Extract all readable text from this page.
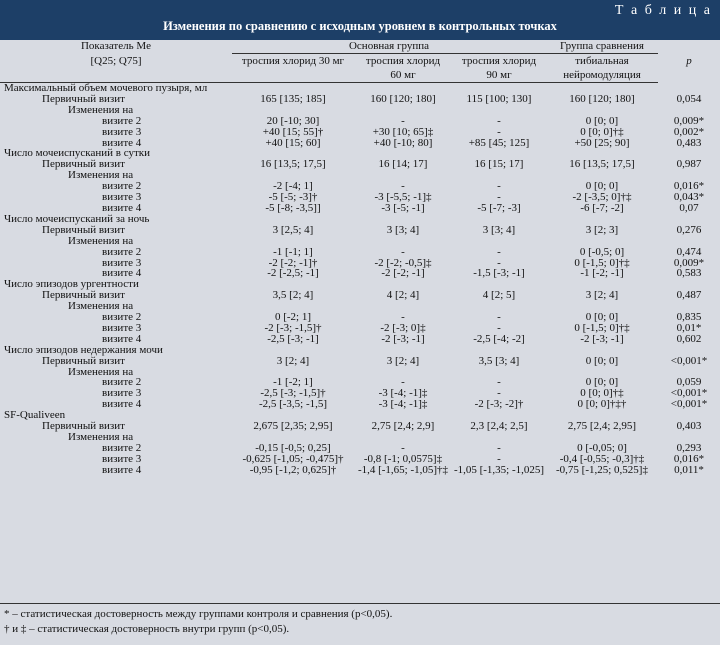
Т а б л и ц а
Изменения по сравнению с исходным уровнем в контрольных точках
Показатель Me	Основная группа			Группа сравнения	p
[Q25; Q75]	троспия хлорид 30 мг	троспия хлорид	троспия хлорид	тибиальная	
		60 мг	90 мг	нейромодуляция	
Максимальный объем мочевого пузыря, мл					
Первичный визит	165 [135; 185]	160 [120; 180]	115 [100; 130]	160 [120; 180]	0,054
Изменения на					
визите 2	20 [-10; 30]	-	-	0 [0; 0]	0,009*
визите 3	+40 [15; 55]†	+30 [10; 65]‡	-	0 [0; 0]†‡	0,002*
визите 4	+40 [15; 60]	+40 [-10; 80]	+85 [45; 125]	+50 [25; 90]	0,483
Число мочеиспусканий в сутки					
Первичный визит	16 [13,5; 17,5]	16 [14; 17]	16 [15; 17]	16 [13,5; 17,5]	0,987
Изменения на					
визите 2	-2 [-4; 1]	-	-	0 [0; 0]	0,016*
визите 3	-5 [-5; -3]†	-3 [-5,5; -1]‡	-	-2 [-3,5; 0]†‡	0,043*
визите 4	-5 [-8; -3,5]]	-3 [-5; -1]	-5 [-7; -3]	-6 [-7; -2]	0,07
Число мочеиспусканий за ночь					
Первичный визит	3 [2,5; 4]	3 [3; 4]	3 [3; 4]	3 [2; 3]	0,276
Изменения на					
визите 2	-1 [-1; 1]	-	-	0 [-0,5; 0]	0,474
визите 3	-2 [-2; -1]†	-2 [-2; -0,5]‡	-	0 [-1,5; 0]†‡	0,009*
визите 4	-2 [-2,5; -1]	-2 [-2; -1]	-1,5 [-3; -1]	-1 [-2; -1]	0,583
Число эпизодов ургентности					
Первичный визит	3,5 [2; 4]	4 [2; 4]	4 [2; 5]	3 [2; 4]	0,487
Изменения на					
визите 2	0 [-2; 1]	-	-	0 [0; 0]	0,835
визите 3	-2 [-3; -1,5]†	-2 [-3; 0]‡	-	0 [-1,5; 0]†‡	0,01*
визите 4	-2,5 [-3; -1]	-2 [-3; -1]	-2,5 [-4; -2]	-2 [-3; -1]	0,602
Число эпизодов недержания мочи					
Первичный визит	3 [2; 4]	3 [2; 4]	3,5 [3; 4]	0 [0; 0]	<0,001*
Изменения на					
визите 2	-1 [-2; 1]	-	-	0 [0; 0]	0,059
визите 3	-2,5 [-3; -1,5]†	-3 [-4; -1]‡	-	0 [0; 0]†‡	<0,001*
визите 4	-2,5 [-3,5; -1,5]	-3 [-4; -1]‡	-2 [-3; -2]†	0 [0; 0]†‡†	<0,001*
SF-Qualiveen					
Первичный визит	2,675 [2,35; 2,95]	2,75 [2,4; 2,9]	2,3 [2,4; 2,5]	2,75 [2,4; 2,95]	0,403
Изменения на					
визите 2	-0,15 [-0,5; 0,25]	-	-	0 [-0,05; 0]	0,293
визите 3	-0,625 [-1,05; -0,475]†	-0,8 [-1; 0,0575]‡	-	-0,4 [-0,55; -0,3]†‡	0,016*
визите 4	-0,95 [-1,2; 0,625]†	-1,4 [-1,65; -1,05]†‡	-1,05 [-1,35; -1,025]	-0,75 [-1,25; 0,525]‡	0,011*
* – статистическая достоверность между группами контроля и сравнения (p<0,05).
† и ‡ – статистическая достоверность внутри групп (p<0,05).
